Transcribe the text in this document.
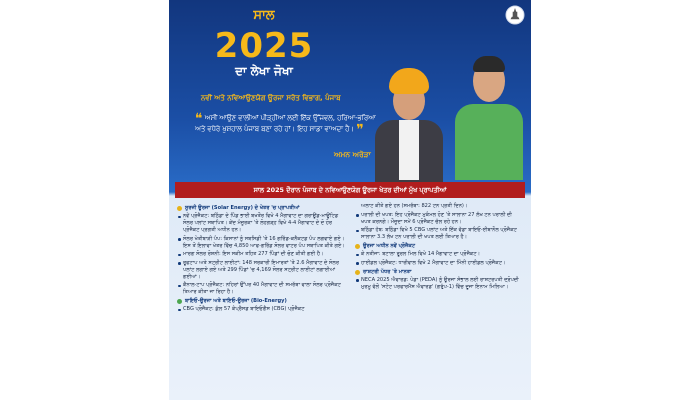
ਸਾਲ
2025
ਦਾ ਲੇਖਾ ਜੋਖਾ
ਨਵੀਂ ਅਤੇ ਨਵਿਆਉਣਯੋਗ ਊਰਜਾ ਸਰੋਤ ਵਿਭਾਗ, ਪੰਜਾਬ
❝ ਅਸੀਂ ਆਉਣ ਵਾਲੀਆਂ ਪੀੜ੍ਹੀਆਂ ਲਈ ਇੱਕ ਉੱਜਵਲ, ਹਰਿਆ-ਭਰਿਆ ਅਤੇ ਵਧੇਰੇ ਖੁਸ਼ਹਾਲ ਪੰਜਾਬ ਬਣਾ ਰਹੇ ਹਾਂ। ਇਹ ਸਾਡਾ ਵਾਅਦਾ ਹੈ। ❞
ਅਮਨ ਅਰੋੜਾ
ਸਾਲ 2025 ਦੌਰਾਨ ਪੰਜਾਬ ਦੇ ਨਵਿਆਉਣਯੋਗ ਊਰਜਾ ਖੇਤਰ ਦੀਆਂ ਮੁੱਖ ਪ੍ਰਾਪਤੀਆਂ
ਸੂਰਜੀ ਊਰਜਾ (Solar Energy) ਦੇ ਖੇਤਰ 'ਚ ਪ੍ਰਾਪਤੀਆਂ
ਨਵੇਂ ਪ੍ਰੋਜੈਕਟ: ਬਠਿੰਡਾ ਦੇ ਪਿੰਡ ਭਾਈ ਬਖਤੌਰ ਵਿਖੇ 4 ਮੈਗਾਵਾਟ ਦਾ ਗਰਾਊਂਡ-ਮਾਊਂਟਿਡ ਸੋਲਰ ਪਲਾਂਟ ਸਥਾਪਿਤ। ਕੇਂਦ ਮੰਜੂਰਕਾ 'ਤੇ ਲੋਹਗੜ੍ਹ ਵਿਖੇ 4-4 ਮੈਗਾਵਾਟ ਦੇ ਦੋ ਹੋਰ ਪ੍ਰੋਜੈਕਟ ਪ੍ਰਗਤੀ ਅਧੀਨ ਹਨ।
ਸੋਲਰ ਖੇਤੀਬਾੜੀ ਪੰਪ: ਕਿਸਾਨਾਂ ਨੂੰ ਸਬਸਿਡੀ 'ਤੇ 16 ਗਰਿੱਡ-ਕਨੈਕਟਡ ਪੰਪ ਲਗਵਾਏ ਗਏ। ਇਸ ਤੋਂ ਇਲਾਵਾ ਖੇਤਰ ਵਿੱਚ 4,850 ਆਫ-ਗਰਿੱਡ ਸੋਲਰ ਵਾਟਰ ਪੰਪ ਸਥਾਪਿਤ ਕੀਤੇ ਗਏ।
ਮਾਰਗ ਸੋਲਰ ਰੋਸ਼ਨੀ: ਇਸ ਸਕੀਮ ਤਹਿਤ 277 ਪਿੰਡਾਂ ਦੀ ਚੋਣ ਕੀਤੀ ਗਈ ਹੈ।
ਰੂਫਟਾਪ ਅਤੇ ਸਟ੍ਰੀਟ ਲਾਈਟਾਂ: 148 ਸਰਕਾਰੀ ਇਮਾਰਤਾਂ 'ਤੇ 2.6 ਮੈਗਾਵਾਟ ਦੇ ਸੋਲਰ ਪਲਾਂਟ ਲਗਾਏ ਗਏ ਅਤੇ 299 ਪਿੰਡਾਂ 'ਚ 4,169 ਸੋਲਰ ਸਟ੍ਰੀਟ ਲਾਈਟਾਂ ਲਗਾਈਆਂ ਗਈਆਂ।
ਕੈਨਾਲ-ਟਾਪ ਪ੍ਰੋਜੈਕਟ: ਨਹਿਰਾਂ ਉੱਪਰ 40 ਮੈਗਾਵਾਟ ਦੀ ਸਮਰੱਥਾ ਵਾਲਾ ਸੋਲਰ ਪ੍ਰੋਜੈਕਟ ਤਿਆਰ ਕੀਤਾ ਜਾ ਰਿਹਾ ਹੈ।
ਬਾਇਓ-ਊਰਜਾ ਅਤੇ ਬਾਇਓ-ਊਰਜਾ (Bio-Energy)
CBG ਪ੍ਰੋਜੈਕਟ: ਕੁੱਲ 57 ਕੰਪ੍ਰੈਸਡ ਬਾਇਓਗੈਸ (CBG) ਪ੍ਰੋਜੈਕਟ
ਅਲਾਟ ਕੀਤੇ ਗਏ ਹਨ (ਸਮਰੱਥਾ: 822 ਟਨ ਪ੍ਰਤੀ ਦਿਨ)।
ਪਰਾਲੀ ਦੀ ਖਪਤ: ਇਹ ਪ੍ਰੋਜੈਕਟ ਮੁਕੰਮਲ ਹੋਣ 'ਤੇ ਸਾਲਾਨਾ 27 ਲੱਖ ਟਨ ਪਰਾਲੀ ਦੀ ਖਪਤ ਕਰਨਗੇ। ਮੌਜੂਦਾ ਸਮੇਂ 6 ਪ੍ਰੋਜੈਕਟ ਚੱਲ ਰਹੇ ਹਨ।
ਬਠਿੰਡਾ ਹੱਬ: ਬਠਿੰਡਾ ਵਿਖੇ 5 CBG ਪਲਾਂਟ ਅਤੇ ਇੱਕ ਵੱਡਾ ਬਾਇਓ-ਈਥਾਨੌਲ ਪ੍ਰੋਜੈਕਟ ਸਾਲਾਨਾ 3.3 ਲੱਖ ਟਨ ਪਰਾਲੀ ਦੀ ਖਪਤ ਲਈ ਤਿਆਰ ਹੈ।
ਊਰਜਾ ਅਧੀਨ ਨਵੇਂ ਪ੍ਰੋਜੈਕਟ
ਕੇ ਨਤੀਜਾ: ਬਟਾਲਾ ਰੂਰਲ ਮਿਲ ਵਿਖੇ 14 ਮੈਗਾਵਾਟ ਦਾ ਪ੍ਰੋਜੈਕਟ।
ਹਾਈਡਲ ਪ੍ਰੋਜੈਕਟ: ਧਾਰੀਵਾਲ ਵਿਖੇ 2 ਮੈਗਾਵਾਟ ਦਾ ਮਿੰਨੀ ਹਾਈਡਲ ਪ੍ਰੋਜੈਕਟ।
ਰਾਸ਼ਟਰੀ ਪੱਧਰ 'ਤੇ ਮਾਨਤਾ
NECA 2025 ਐਵਾਰਡ: ਪੇਡਾ (PEDA) ਨੂੰ ਊਰਜਾ ਸੰਭਾਲ ਲਈ ਰਾਸ਼ਟਰਪਤੀ ਦ੍ਰੋਪਦੀ ਮੁਰਮੂ ਵੱਲੋਂ 'ਸਟੇਟ ਪਰਫਾਰਮੈਂਸ ਐਵਾਰਡ' (ਗਰੁੱਪ-1) ਵਿੱਚ ਦੂਜਾ ਇਨਾਮ ਮਿਲਿਆ।
